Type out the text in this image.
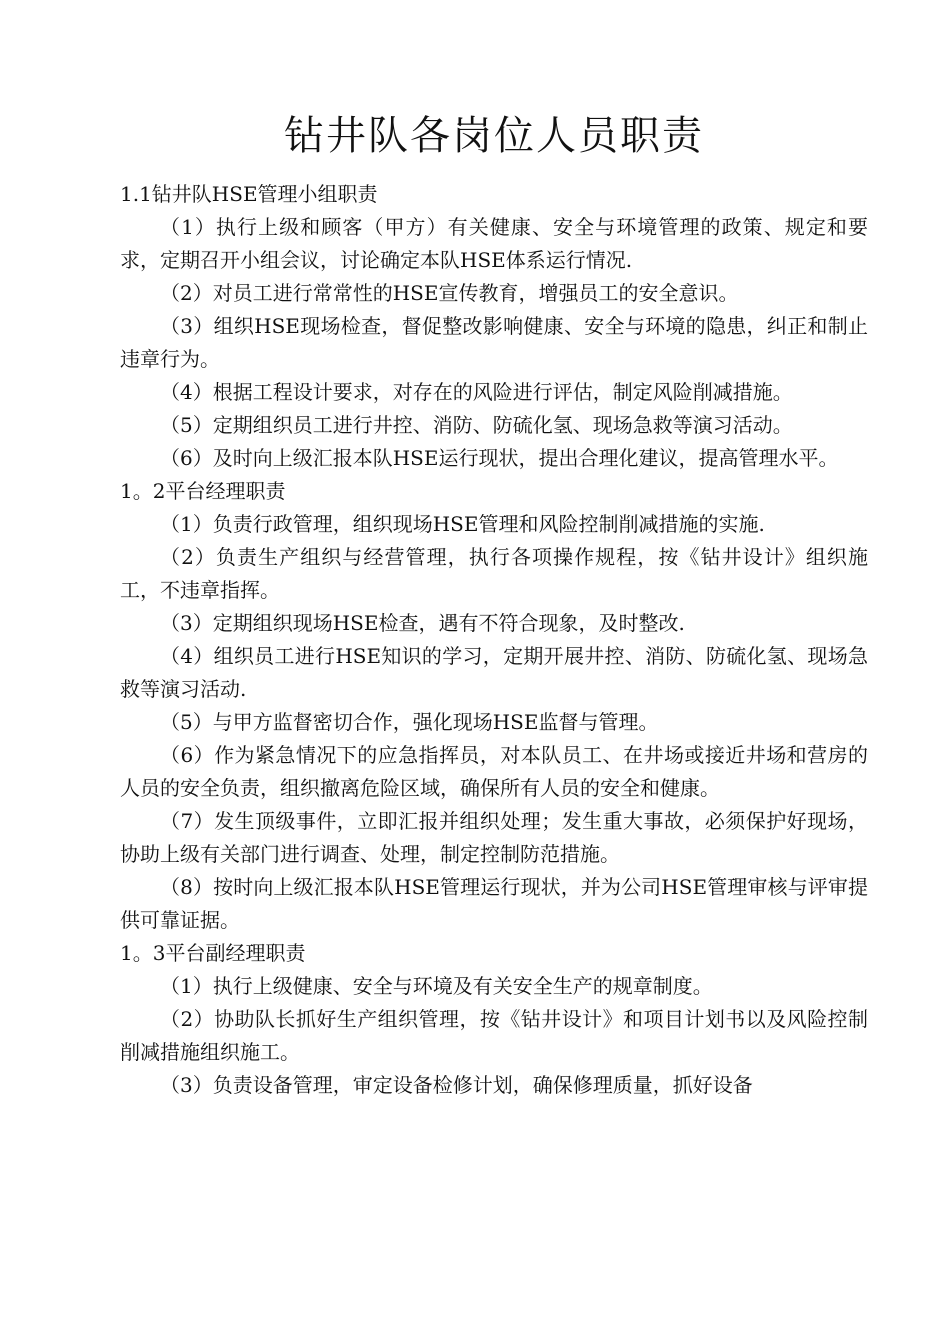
钻井队各岗位人员职责

1.1钻井队HSE管理小组职责

（1）执行上级和顾客（甲方）有关健康、安全与环境管理的政策、规定和要求，定期召开小组会议，讨论确定本队HSE体系运行情况.

（2）对员工进行常常性的HSE宣传教育，增强员工的安全意识。

（3）组织HSE现场检查，督促整改影响健康、安全与环境的隐患，纠正和制止违章行为。

（4）根据工程设计要求，对存在的风险进行评估，制定风险削减措施。

（5）定期组织员工进行井控、消防、防硫化氢、现场急救等演习活动。

（6）及时向上级汇报本队HSE运行现状，提出合理化建议，提高管理水平。

1。2平台经理职责

（1）负责行政管理，组织现场HSE管理和风险控制削减措施的实施.

（2）负责生产组织与经营管理，执行各项操作规程，按《钻井设计》组织施工，不违章指挥。

（3）定期组织现场HSE检查，遇有不符合现象，及时整改.

（4）组织员工进行HSE知识的学习，定期开展井控、消防、防硫化氢、现场急救等演习活动.

（5）与甲方监督密切合作，强化现场HSE监督与管理。

（6）作为紧急情况下的应急指挥员，对本队员工、在井场或接近井场和营房的人员的安全负责，组织撤离危险区域，确保所有人员的安全和健康。

（7）发生顶级事件，立即汇报并组织处理；发生重大事故，必须保护好现场，协助上级有关部门进行调查、处理，制定控制防范措施。

（8）按时向上级汇报本队HSE管理运行现状，并为公司HSE管理审核与评审提供可靠证据。

1。3平台副经理职责

（1）执行上级健康、安全与环境及有关安全生产的规章制度。

（2）协助队长抓好生产组织管理，按《钻井设计》和项目计划书以及风险控制削减措施组织施工。

（3）负责设备管理，审定设备检修计划，确保修理质量，抓好设备
